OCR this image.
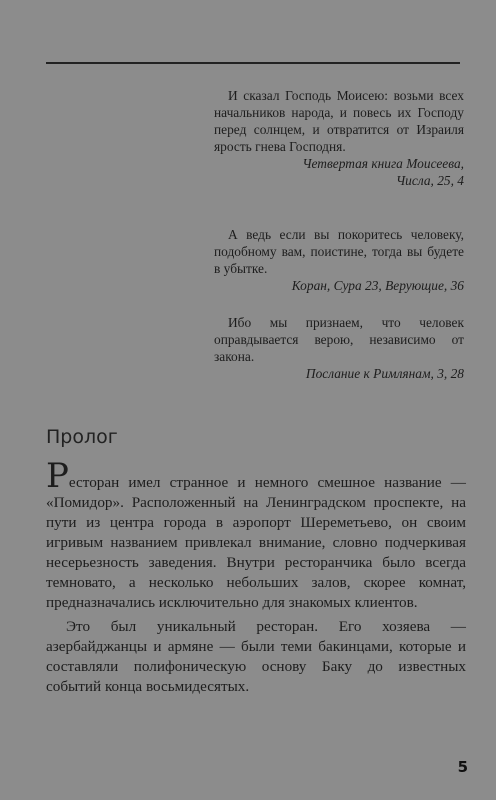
И сказал Господь Моисею: возьми всех начальников народа, и повесь их Господу перед солнцем, и отвратится от Израиля ярость гнева Господня.

Четвертая книга Моисеева,

Числа, 25, 4

А ведь если вы покоритесь человеку, подобному вам, поистине, тогда вы будете в убытке.

Коран, Сура 23, Верующие, 36

Ибо мы признаем, что человек оправдывается верою, независимо от закона.

Послание к Римлянам, 3, 28

Пролог

Ресторан имел странное и немного смешное название — «Помидор». Расположенный на Ленинградском проспекте, на пути из центра города в аэропорт Шереметьево, он своим игривым названием привлекал внимание, словно подчеркивая несерьезность заведения. Внутри ресторанчика было всегда темновато, а несколько небольших залов, скорее комнат, предназначались исключительно для знакомых клиентов.

Это был уникальный ресторан. Его хозяева — азербайджанцы и армяне — были теми бакинцами, которые и составляли полифоническую основу Баку до известных событий конца восьмидесятых.

5
